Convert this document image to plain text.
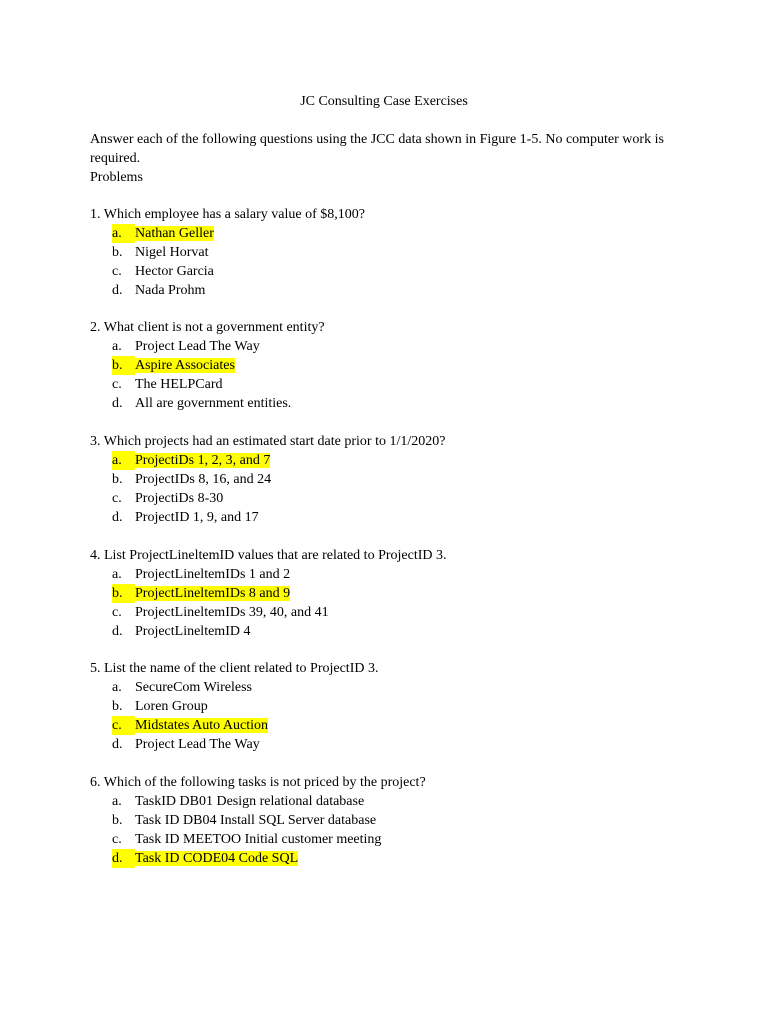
JC Consulting Case Exercises

Answer each of the following questions using the JCC data shown in Figure 1-5. No computer work is

required.

Problems

1. Which employee has a salary value of $8,100?

a. Nathan Geller
b. Nigel Horvat
c. Hector Garcia
d. Nada Prohm

2. What client is not a government entity?

a. Project Lead The Way
b. Aspire Associates
c. The HELPCard
d. All are government entities.

3. Which projects had an estimated start date prior to 1/1/2020?

a. ProjectiDs 1, 2, 3, and 7
b. ProjectIDs 8, 16, and 24
c. ProjectiDs 8-30
d. ProjectID 1, 9, and 17

4. List ProjectLineltemID values that are related to ProjectID 3.

a. ProjectLineltemIDs 1 and 2
b. ProjectLineltemIDs 8 and 9
c. ProjectLineltemIDs 39, 40, and 41
d. ProjectLineltemID 4

5. List the name of the client related to ProjectID 3.

a. SecureCom Wireless
b. Loren Group
c. Midstates Auto Auction
d. Project Lead The Way

6. Which of the following tasks is not priced by the project?

a. TaskID DB01 Design relational database
b. Task ID DB04 Install SQL Server database
c. Task ID MEETOO Initial customer meeting
d. Task ID CODE04 Code SQL
